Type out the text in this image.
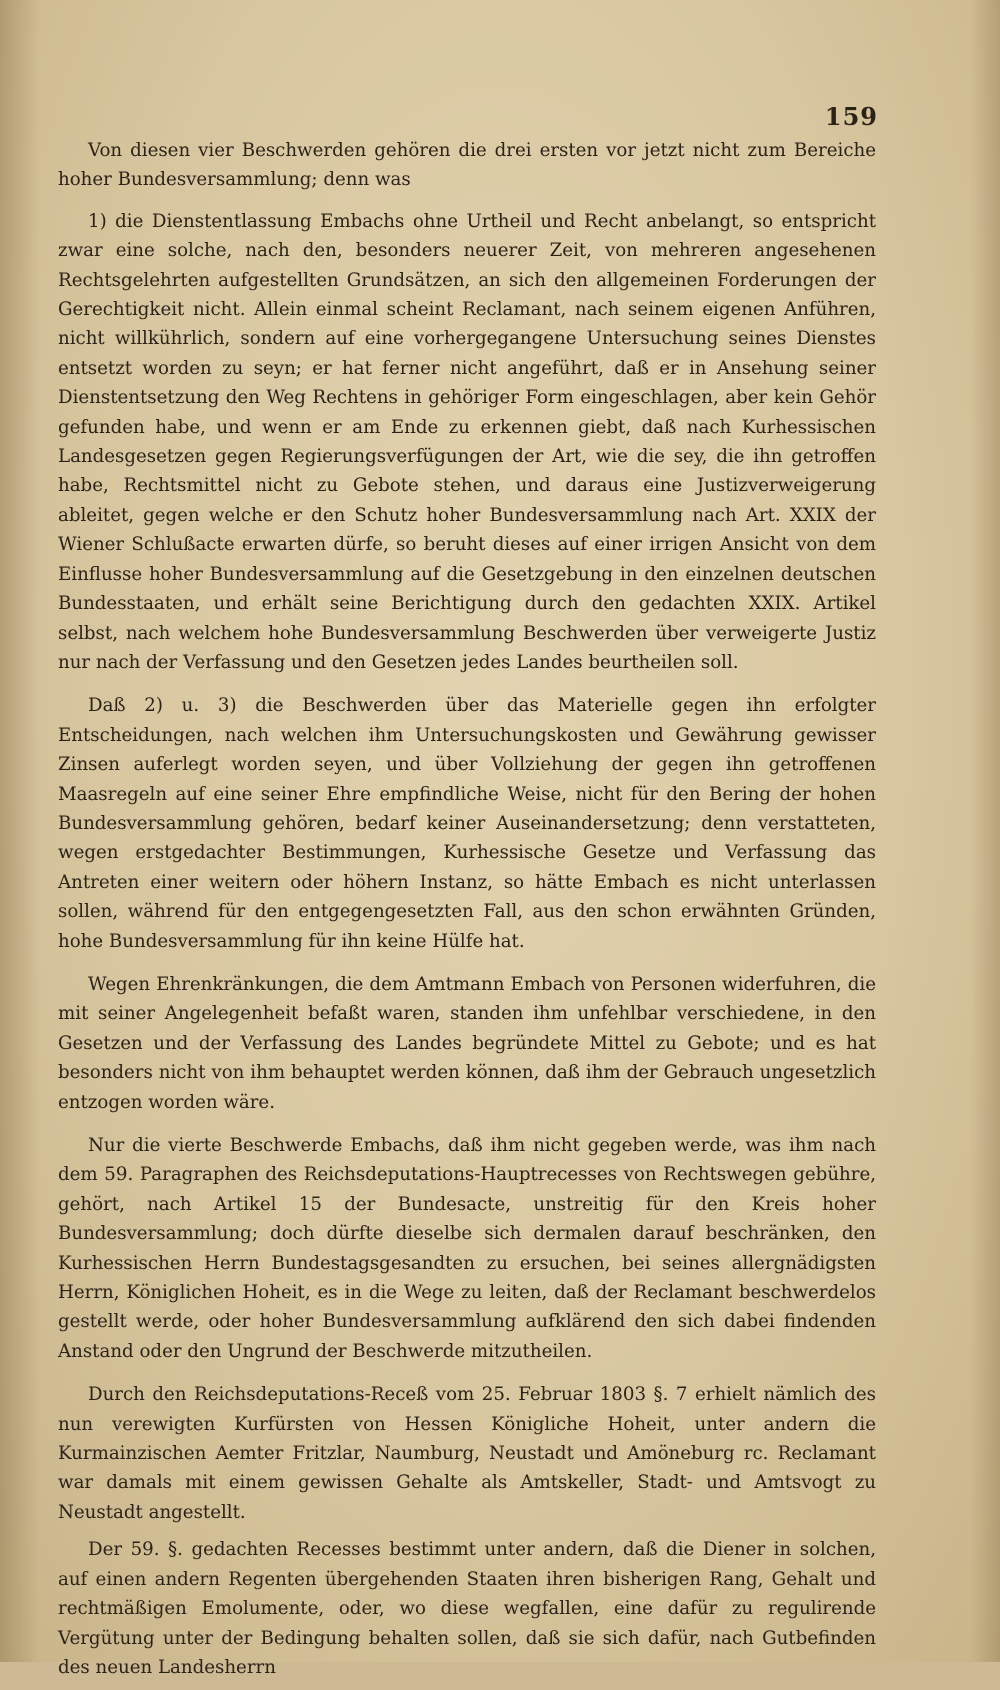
159

Von diesen vier Beschwerden gehören die drei ersten vor jetzt nicht zum Bereiche hoher Bundesversammlung; denn was

1) die Dienstentlassung Embachs ohne Urtheil und Recht anbelangt, so entspricht zwar eine solche, nach den, besonders neuerer Zeit, von mehreren angesehenen Rechtsgelehrten aufgestellten Grundsätzen, an sich den allgemeinen Forderungen der Gerechtigkeit nicht. Allein einmal scheint Reclamant, nach seinem eigenen Anführen, nicht willkührlich, sondern auf eine vorhergegangene Untersuchung seines Dienstes entsetzt worden zu seyn; er hat ferner nicht angeführt, daß er in Ansehung seiner Dienstentsetzung den Weg Rechtens in gehöriger Form eingeschlagen, aber kein Gehör gefunden habe, und wenn er am Ende zu erkennen giebt, daß nach Kurhessischen Landesgesetzen gegen Regierungsverfügungen der Art, wie die sey, die ihn getroffen habe, Rechtsmittel nicht zu Gebote stehen, und daraus eine Justizverweigerung ableitet, gegen welche er den Schutz hoher Bundesversammlung nach Art. XXIX der Wiener Schlußacte erwarten dürfe, so beruht dieses auf einer irrigen Ansicht von dem Einflusse hoher Bundesversammlung auf die Gesetzgebung in den einzelnen deutschen Bundesstaaten, und erhält seine Berichtigung durch den gedachten XXIX. Artikel selbst, nach welchem hohe Bundesversammlung Beschwerden über verweigerte Justiz nur nach der Verfassung und den Gesetzen jedes Landes beurtheilen soll.

Daß 2) u. 3) die Beschwerden über das Materielle gegen ihn erfolgter Entscheidungen, nach welchen ihm Untersuchungskosten und Gewährung gewisser Zinsen auferlegt worden seyen, und über Vollziehung der gegen ihn getroffenen Maasregeln auf eine seiner Ehre empfindliche Weise, nicht für den Bering der hohen Bundesversammlung gehören, bedarf keiner Auseinandersetzung; denn verstatteten, wegen erstgedachter Bestimmungen, Kurhessische Gesetze und Verfassung das Antreten einer weitern oder höhern Instanz, so hätte Embach es nicht unterlassen sollen, während für den entgegengesetzten Fall, aus den schon erwähnten Gründen, hohe Bundesversammlung für ihn keine Hülfe hat.

Wegen Ehrenkränkungen, die dem Amtmann Embach von Personen widerfuhren, die mit seiner Angelegenheit befaßt waren, standen ihm unfehlbar verschiedene, in den Gesetzen und der Verfassung des Landes begründete Mittel zu Gebote; und es hat besonders nicht von ihm behauptet werden können, daß ihm der Gebrauch ungesetzlich entzogen worden wäre.

Nur die vierte Beschwerde Embachs, daß ihm nicht gegeben werde, was ihm nach dem 59. Paragraphen des Reichsdeputations-Hauptrecesses von Rechtswegen gebühre, gehört, nach Artikel 15 der Bundesacte, unstreitig für den Kreis hoher Bundesversammlung; doch dürfte dieselbe sich dermalen darauf beschränken, den Kurhessischen Herrn Bundestagsgesandten zu ersuchen, bei seines allergnädigsten Herrn, Königlichen Hoheit, es in die Wege zu leiten, daß der Reclamant beschwerdelos gestellt werde, oder hoher Bundesversammlung aufklärend den sich dabei findenden Anstand oder den Ungrund der Beschwerde mitzutheilen.

Durch den Reichsdeputations-Receß vom 25. Februar 1803 §. 7 erhielt nämlich des nun verewigten Kurfürsten von Hessen Königliche Hoheit, unter andern die Kurmainzischen Aemter Fritzlar, Naumburg, Neustadt und Amöneburg rc. Reclamant war damals mit einem gewissen Gehalte als Amtskeller, Stadt- und Amtsvogt zu Neustadt angestellt.

Der 59. §. gedachten Recesses bestimmt unter andern, daß die Diener in solchen, auf einen andern Regenten übergehenden Staaten ihren bisherigen Rang, Gehalt und rechtmäßigen Emolumente, oder, wo diese wegfallen, eine dafür zu regulirende Vergütung unter der Bedingung behalten sollen, daß sie sich dafür, nach Gutbefinden des neuen Landesherrn
